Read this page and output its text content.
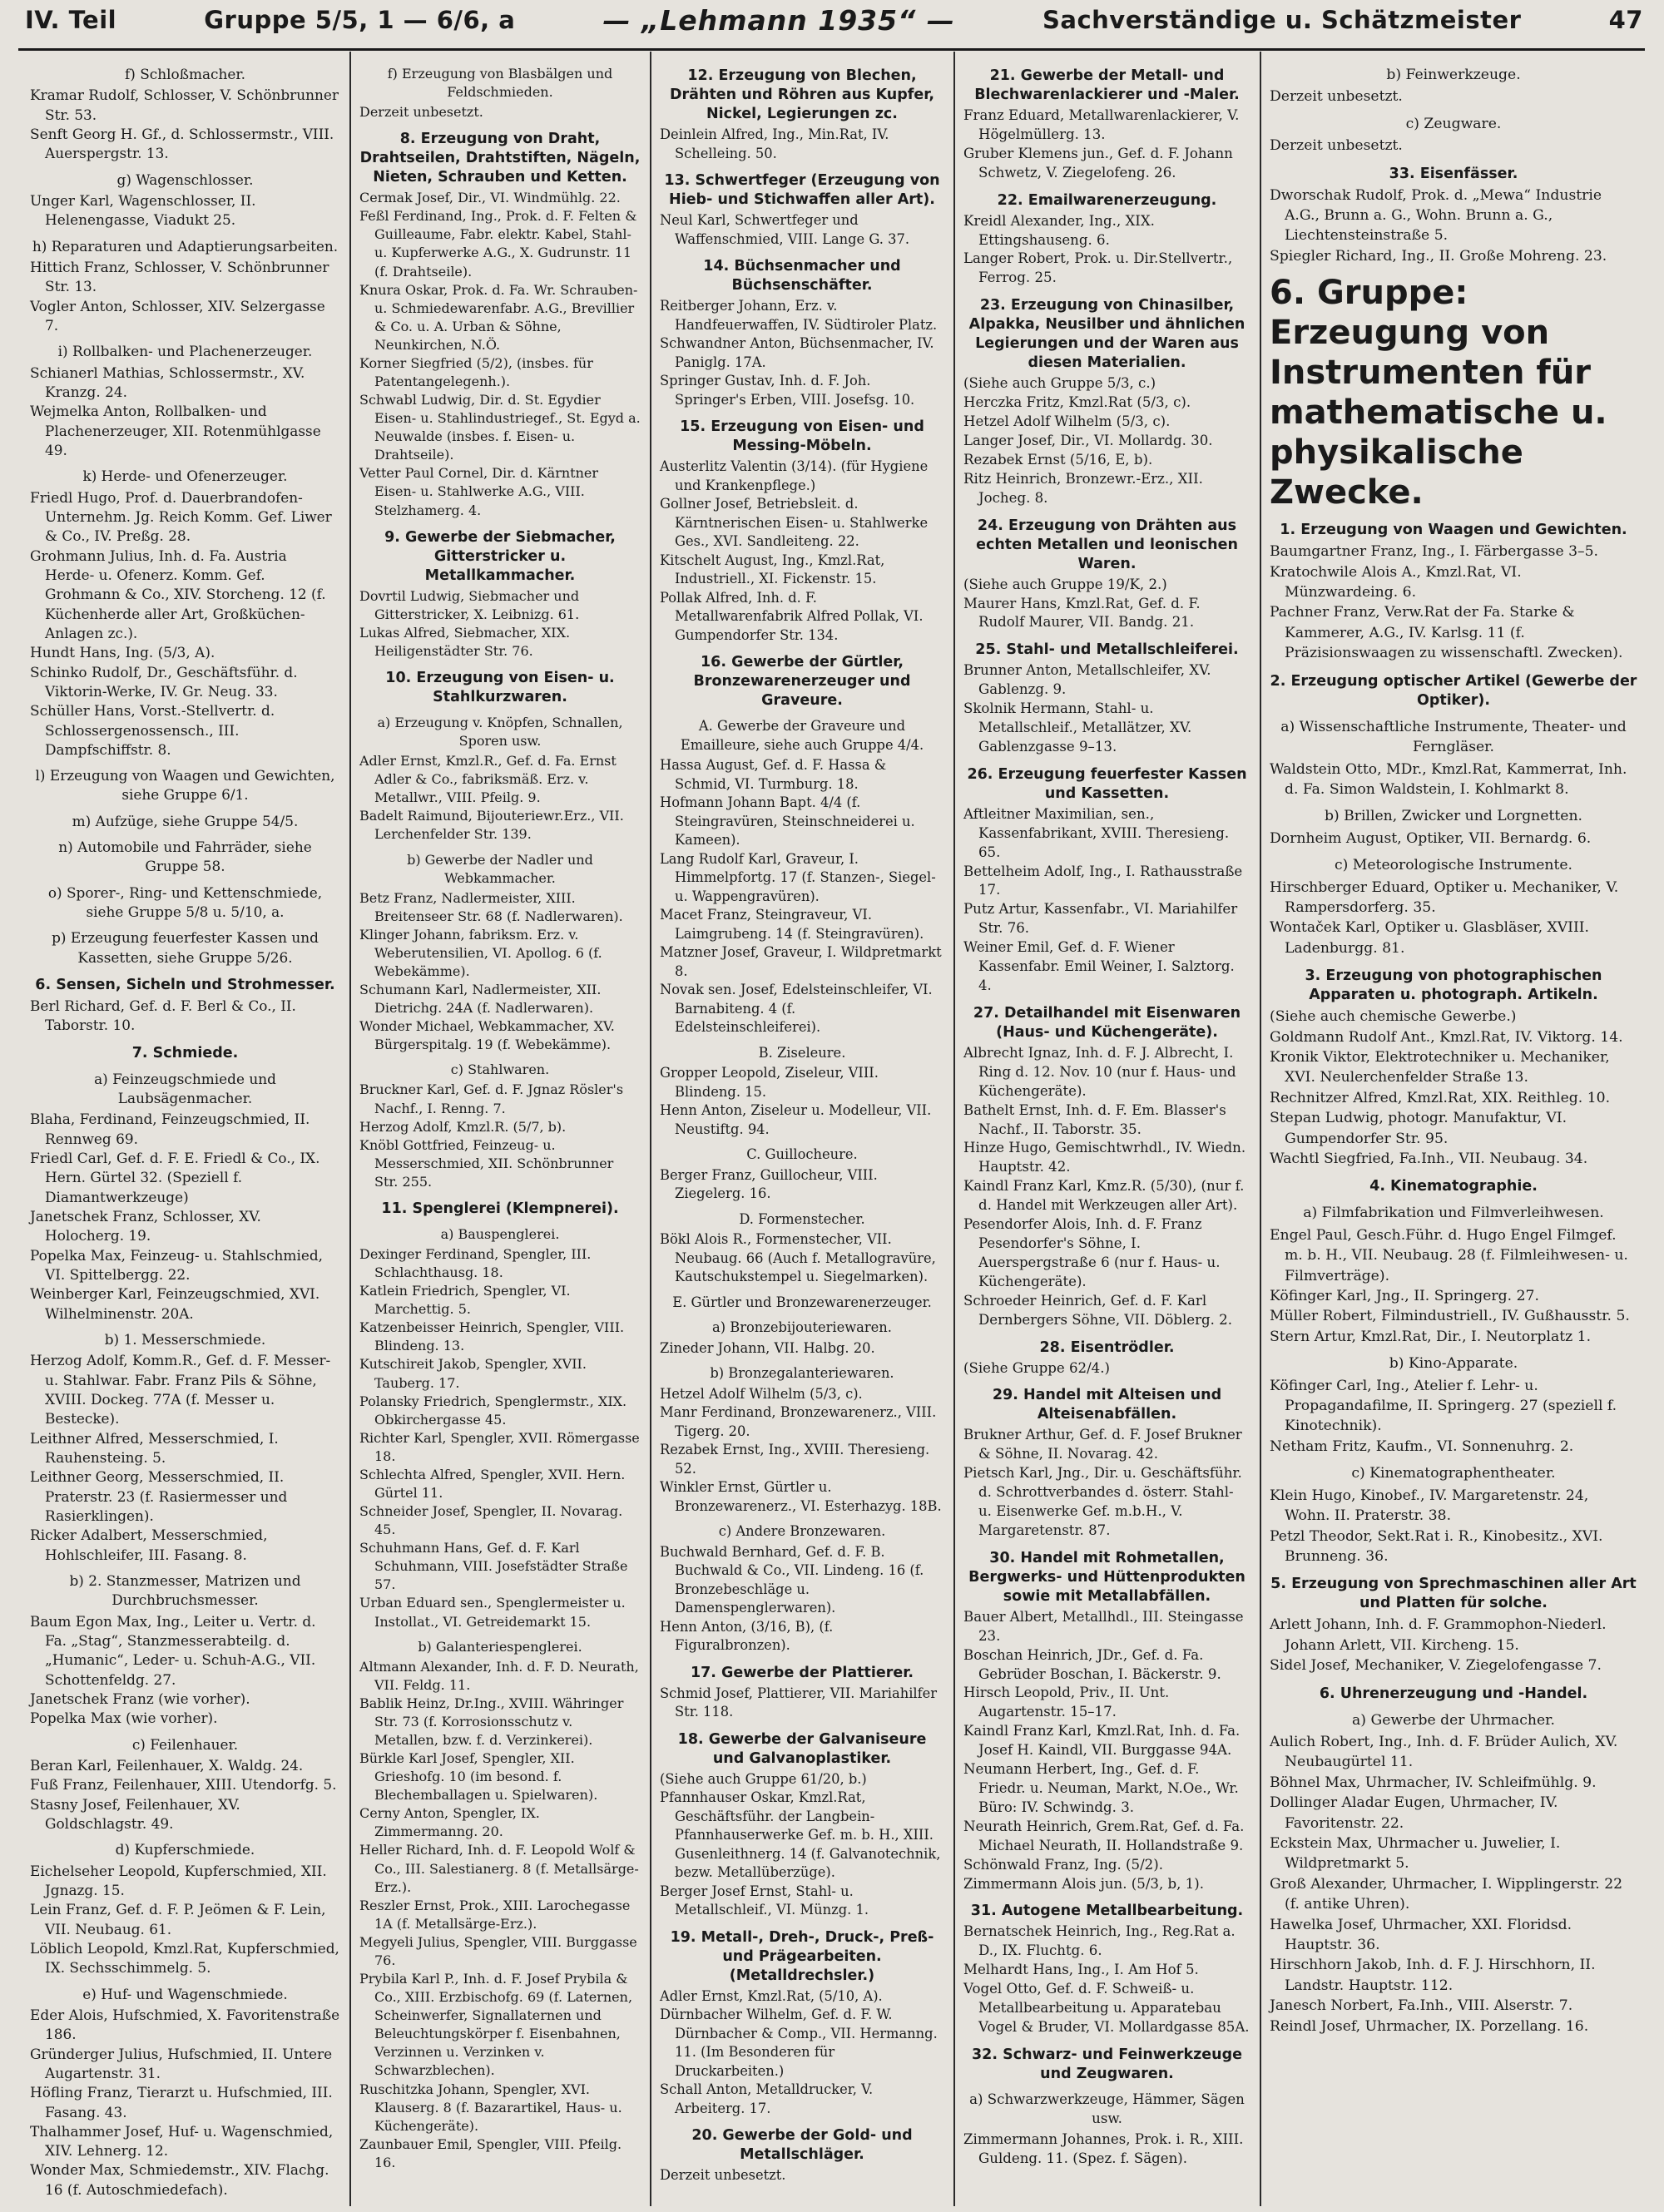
IV. Teil	Gruppe 5/5, 1 — 6/6, a	— „Lehmann 1935“ —	Sachverständige u. Schätzmeister	47

f) Schloßmacher.

Kramar Rudolf, Schlosser, V. Schönbrunner Str. 53.

Senft Georg H. Gf., d. Schlossermstr., VIII. Auerspergstr. 13.

g) Wagenschlosser.

Unger Karl, Wagenschlosser, II. Helenengasse, Viadukt 25.

h) Reparaturen und Adaptierungsarbeiten.

Hittich Franz, Schlosser, V. Schönbrunner Str. 13.

Vogler Anton, Schlosser, XIV. Selzergasse 7.

i) Rollbalken- und Plachenerzeuger.

Schianerl Mathias, Schlossermstr., XV. Kranzg. 24.

Wejmelka Anton, Rollbalken- und Plachenerzeuger, XII. Rotenmühlgasse 49.

k) Herde- und Ofenerzeuger.

Friedl Hugo, Prof. d. Dauerbrandofen-Unternehm. Jg. Reich Komm. Gef. Liwer & Co., IV. Preßg. 28.

Grohmann Julius, Inh. d. Fa. Austria Herde- u. Ofenerz. Komm. Gef. Grohmann & Co., XIV. Storcheng. 12 (f. Küchenherde aller Art, Großküchen-Anlagen zc.).

Hundt Hans, Ing. (5/3, A).

Schinko Rudolf, Dr., Geschäftsführ. d. Viktorin-Werke, IV. Gr. Neug. 33.

Schüller Hans, Vorst.-Stellvertr. d. Schlossergenossensch., III. Dampfschiffstr. 8.

l) Erzeugung von Waagen und Gewichten, siehe Gruppe 6/1.

m) Aufzüge, siehe Gruppe 54/5.

n) Automobile und Fahrräder, siehe Gruppe 58.

o) Sporer-, Ring- und Kettenschmiede, siehe Gruppe 5/8 u. 5/10, a.

p) Erzeugung feuerfester Kassen und Kassetten, siehe Gruppe 5/26.

6. Sensen, Sicheln und Strohmesser.

Berl Richard, Gef. d. F. Berl & Co., II. Taborstr. 10.

7. Schmiede.

a) Feinzeugschmiede und Laubsägenmacher.

Blaha, Ferdinand, Feinzeugschmied, II. Rennweg 69.

Friedl Carl, Gef. d. F. E. Friedl & Co., IX. Hern. Gürtel 32. (Speziell f. Diamantwerkzeuge)

Janetschek Franz, Schlosser, XV. Holocherg. 19.

Popelka Max, Feinzeug- u. Stahlschmied, VI. Spittelbergg. 22.

Weinberger Karl, Feinzeugschmied, XVI. Wilhelminenstr. 20A.

b) 1. Messerschmiede.

Herzog Adolf, Komm.R., Gef. d. F. Messer- u. Stahlwar. Fabr. Franz Pils & Söhne, XVIII. Dockeg. 77A (f. Messer u. Bestecke).

Leithner Alfred, Messerschmied, I. Rauhensteing. 5.

Leithner Georg, Messerschmied, II. Praterstr. 23 (f. Rasiermesser und Rasierklingen).

Ricker Adalbert, Messerschmied, Hohlschleifer, III. Fasang. 8.

b) 2. Stanzmesser, Matrizen und Durchbruchsmesser.

Baum Egon Max, Ing., Leiter u. Vertr. d. Fa. „Stag“, Stanzmesserabteilg. d. „Humanic“, Leder- u. Schuh-A.G., VII. Schottenfeldg. 27.

Janetschek Franz (wie vorher).

Popelka Max (wie vorher).

c) Feilenhauer.

Beran Karl, Feilenhauer, X. Waldg. 24.

Fuß Franz, Feilenhauer, XIII. Utendorfg. 5.

Stasny Josef, Feilenhauer, XV. Goldschlagstr. 49.

d) Kupferschmiede.

Eichelseher Leopold, Kupferschmied, XII. Jgnazg. 15.

Lein Franz, Gef. d. F. P. Jeömen & F. Lein, VII. Neubaug. 61.

Löblich Leopold, Kmzl.Rat, Kupferschmied, IX. Sechsschimmelg. 5.

e) Huf- und Wagenschmiede.

Eder Alois, Hufschmied, X. Favoritenstraße 186.

Gründerger Julius, Hufschmied, II. Untere Augartenstr. 31.

Höfling Franz, Tierarzt u. Hufschmied, III. Fasang. 43.

Thalhammer Josef, Huf- u. Wagenschmied, XIV. Lehnerg. 12.

Wonder Max, Schmiedemstr., XIV. Flachg. 16 (f. Autoschmiedefach).

f) Erzeugung von Blasbälgen und Feldschmieden.

Derzeit unbesetzt.

8. Erzeugung von Draht, Drahtseilen, Drahtstiften, Nägeln, Nieten, Schrauben und Ketten.

Cermak Josef, Dir., VI. Windmühlg. 22.

Feßl Ferdinand, Ing., Prok. d. F. Felten & Guilleaume, Fabr. elektr. Kabel, Stahl- u. Kupferwerke A.G., X. Gudrunstr. 11 (f. Drahtseile).

Knura Oskar, Prok. d. Fa. Wr. Schrauben- u. Schmiedewarenfabr. A.G., Brevillier & Co. u. A. Urban & Söhne, Neunkirchen, N.Ö.

Korner Siegfried (5/2), (insbes. für Patentangelegenh.).

Schwabl Ludwig, Dir. d. St. Egydier Eisen- u. Stahlindustriegef., St. Egyd a. Neuwalde (insbes. f. Eisen- u. Drahtseile).

Vetter Paul Cornel, Dir. d. Kärntner Eisen- u. Stahlwerke A.G., VIII. Stelzhamerg. 4.

9. Gewerbe der Siebmacher, Gitterstricker u. Metallkammacher.

Dovrtil Ludwig, Siebmacher und Gitterstricker, X. Leibnizg. 61.

Lukas Alfred, Siebmacher, XIX. Heiligenstädter Str. 76.

10. Erzeugung von Eisen- u. Stahlkurzwaren.

a) Erzeugung v. Knöpfen, Schnallen, Sporen usw.

Adler Ernst, Kmzl.R., Gef. d. Fa. Ernst Adler & Co., fabriksmäß. Erz. v. Metallwr., VIII. Pfeilg. 9.

Badelt Raimund, Bijouteriewr.Erz., VII. Lerchenfelder Str. 139.

b) Gewerbe der Nadler und Webkammacher.

Betz Franz, Nadlermeister, XIII. Breitenseer Str. 68 (f. Nadlerwaren).

Klinger Johann, fabriksm. Erz. v. Weberutensilien, VI. Apollog. 6 (f. Webekämme).

Schumann Karl, Nadlermeister, XII. Dietrichg. 24A (f. Nadlerwaren).

Wonder Michael, Webkammacher, XV. Bürgerspitalg. 19 (f. Webekämme).

c) Stahlwaren.

Bruckner Karl, Gef. d. F. Jgnaz Rösler's Nachf., I. Renng. 7.

Herzog Adolf, Kmzl.R. (5/7, b).

Knöbl Gottfried, Feinzeug- u. Messerschmied, XII. Schönbrunner Str. 255.

11. Spenglerei (Klempnerei).

a) Bauspenglerei.

Dexinger Ferdinand, Spengler, III. Schlachthausg. 18.

Katlein Friedrich, Spengler, VI. Marchettig. 5.

Katzenbeisser Heinrich, Spengler, VIII. Blindeng. 13.

Kutschireit Jakob, Spengler, XVII. Tauberg. 17.

Polansky Friedrich, Spenglermstr., XIX. Obkirchergasse 45.

Richter Karl, Spengler, XVII. Römergasse 18.

Schlechta Alfred, Spengler, XVII. Hern. Gürtel 11.

Schneider Josef, Spengler, II. Novarag. 45.

Schuhmann Hans, Gef. d. F. Karl Schuhmann, VIII. Josefstädter Straße 57.

Urban Eduard sen., Spenglermeister u. Instollat., VI. Getreidemarkt 15.

b) Galanteriespenglerei.

Altmann Alexander, Inh. d. F. D. Neurath, VII. Feldg. 11.

Bablik Heinz, Dr.Ing., XVIII. Währinger Str. 73 (f. Korrosionsschutz v. Metallen, bzw. f. d. Verzinkerei).

Bürkle Karl Josef, Spengler, XII. Grieshofg. 10 (im besond. f. Blechemballagen u. Spielwaren).

Cerny Anton, Spengler, IX. Zimmermanng. 20.

Heller Richard, Inh. d. F. Leopold Wolf & Co., III. Salestianerg. 8 (f. Metallsärge-Erz.).

Reszler Ernst, Prok., XIII. Larochegasse 1A (f. Metallsärge-Erz.).

Megyeli Julius, Spengler, VIII. Burggasse 76.

Prybila Karl P., Inh. d. F. Josef Prybila & Co., XIII. Erzbischofg. 69 (f. Laternen, Scheinwerfer, Signallaternen und Beleuchtungskörper f. Eisenbahnen, Verzinnen u. Verzinken v. Schwarzblechen).

Ruschitzka Johann, Spengler, XVI. Klauserg. 8 (f. Bazarartikel, Haus- u. Küchengeräte).

Zaunbauer Emil, Spengler, VIII. Pfeilg. 16.

12. Erzeugung von Blechen, Drähten und Röhren aus Kupfer, Nickel, Legierungen zc.

Deinlein Alfred, Ing., Min.Rat, IV. Schelleing. 50.

13. Schwertfeger (Erzeugung von Hieb- und Stichwaffen aller Art).

Neul Karl, Schwertfeger und Waffenschmied, VIII. Lange G. 37.

14. Büchsenmacher und Büchsenschäfter.

Reitberger Johann, Erz. v. Handfeuerwaffen, IV. Südtiroler Platz.

Schwandner Anton, Büchsenmacher, IV. Paniglg. 17A.

Springer Gustav, Inh. d. F. Joh. Springer's Erben, VIII. Josefsg. 10.

15. Erzeugung von Eisen- und Messing-Möbeln.

Austerlitz Valentin (3/14). (für Hygiene und Krankenpflege.)

Gollner Josef, Betriebsleit. d. Kärntnerischen Eisen- u. Stahlwerke Ges., XVI. Sandleiteng. 22.

Kitschelt August, Ing., Kmzl.Rat, Industriell., XI. Fickenstr. 15.

Pollak Alfred, Inh. d. F. Metallwarenfabrik Alfred Pollak, VI. Gumpendorfer Str. 134.

16. Gewerbe der Gürtler, Bronzewarenerzeuger und Graveure.

A. Gewerbe der Graveure und Emailleure, siehe auch Gruppe 4/4.

Hassa August, Gef. d. F. Hassa & Schmid, VI. Turmburg. 18.

Hofmann Johann Bapt. 4/4 (f. Steingravüren, Steinschneiderei u. Kameen).

Lang Rudolf Karl, Graveur, I. Himmelpfortg. 17 (f. Stanzen-, Siegel- u. Wappengravüren).

Macet Franz, Steingraveur, VI. Laimgrubeng. 14 (f. Steingravüren).

Matzner Josef, Graveur, I. Wildpretmarkt 8.

Novak sen. Josef, Edelsteinschleifer, VI. Barnabiteng. 4 (f. Edelsteinschleiferei).

B. Ziseleure.

Gropper Leopold, Ziseleur, VIII. Blindeng. 15.

Henn Anton, Ziseleur u. Modelleur, VII. Neustiftg. 94.

C. Guillocheure.

Berger Franz, Guillocheur, VIII. Ziegelerg. 16.

D. Formenstecher.

Bökl Alois R., Formenstecher, VII. Neubaug. 66 (Auch f. Metallogravüre, Kautschukstempel u. Siegelmarken).

E. Gürtler und Bronzewarenerzeuger.

a) Bronzebijouteriewaren.

Zineder Johann, VII. Halbg. 20.

b) Bronzegalanteriewaren.

Hetzel Adolf Wilhelm (5/3, c).

Manr Ferdinand, Bronzewarenerz., VIII. Tigerg. 20.

Rezabek Ernst, Ing., XVIII. Theresieng. 52.

Winkler Ernst, Gürtler u. Bronzewarenerz., VI. Esterhazyg. 18B.

c) Andere Bronzewaren.

Buchwald Bernhard, Gef. d. F. B. Buchwald & Co., VII. Lindeng. 16 (f. Bronzebeschläge u. Damenspenglerwaren).

Henn Anton, (3/16, B), (f. Figuralbronzen).

17. Gewerbe der Plattierer.

Schmid Josef, Plattierer, VII. Mariahilfer Str. 118.

18. Gewerbe der Galvaniseure und Galvanoplastiker.

(Siehe auch Gruppe 61/20, b.)

Pfannhauser Oskar, Kmzl.Rat, Geschäftsführ. der Langbein-Pfannhauserwerke Gef. m. b. H., XIII. Gusenleithnerg. 14 (f. Galvanotechnik, bezw. Metallüberzüge).

Berger Josef Ernst, Stahl- u. Metallschleif., VI. Münzg. 1.

19. Metall-, Dreh-, Druck-, Preß- und Prägearbeiten. (Metalldrechsler.)

Adler Ernst, Kmzl.Rat, (5/10, A).

Dürnbacher Wilhelm, Gef. d. F. W. Dürnbacher & Comp., VII. Hermanng. 11. (Im Besonderen für Druckarbeiten.)

Schall Anton, Metalldrucker, V. Arbeiterg. 17.

20. Gewerbe der Gold- und Metallschläger.

Derzeit unbesetzt.

21. Gewerbe der Metall- und Blechwarenlackierer und -Maler.

Franz Eduard, Metallwarenlackierer, V. Högelmüllerg. 13.

Gruber Klemens jun., Gef. d. F. Johann Schwetz, V. Ziegelofeng. 26.

22. Emailwarenerzeugung.

Kreidl Alexander, Ing., XIX. Ettingshauseng. 6.

Langer Robert, Prok. u. Dir.Stellvertr., Ferrog. 25.

23. Erzeugung von Chinasilber, Alpakka, Neusilber und ähnlichen Legierungen und der Waren aus diesen Materialien.

(Siehe auch Gruppe 5/3, c.)

Herczka Fritz, Kmzl.Rat (5/3, c).

Hetzel Adolf Wilhelm (5/3, c).

Langer Josef, Dir., VI. Mollardg. 30.

Rezabek Ernst (5/16, E, b).

Ritz Heinrich, Bronzewr.-Erz., XII. Jocheg. 8.

24. Erzeugung von Drähten aus echten Metallen und leonischen Waren.

(Siehe auch Gruppe 19/K, 2.)

Maurer Hans, Kmzl.Rat, Gef. d. F. Rudolf Maurer, VII. Bandg. 21.

25. Stahl- und Metallschleiferei.

Brunner Anton, Metallschleifer, XV. Gablenzg. 9.

Skolnik Hermann, Stahl- u. Metallschleif., Metallätzer, XV. Gablenzgasse 9–13.

26. Erzeugung feuerfester Kassen und Kassetten.

Aftleitner Maximilian, sen., Kassenfabrikant, XVIII. Theresieng. 65.

Bettelheim Adolf, Ing., I. Rathausstraße 17.

Putz Artur, Kassenfabr., VI. Mariahilfer Str. 76.

Weiner Emil, Gef. d. F. Wiener Kassenfabr. Emil Weiner, I. Salztorg. 4.

27. Detailhandel mit Eisenwaren (Haus- und Küchengeräte).

Albrecht Ignaz, Inh. d. F. J. Albrecht, I. Ring d. 12. Nov. 10 (nur f. Haus- und Küchengeräte).

Bathelt Ernst, Inh. d. F. Em. Blasser's Nachf., II. Taborstr. 35.

Hinze Hugo, Gemischtwrhdl., IV. Wiedn. Hauptstr. 42.

Kaindl Franz Karl, Kmz.R. (5/30), (nur f. d. Handel mit Werkzeugen aller Art).

Pesendorfer Alois, Inh. d. F. Franz Pesendorfer's Söhne, I. Auerspergstraße 6 (nur f. Haus- u. Küchengeräte).

Schroeder Heinrich, Gef. d. F. Karl Dernbergers Söhne, VII. Döblerg. 2.

28. Eisentrödler.

(Siehe Gruppe 62/4.)

29. Handel mit Alteisen und Alteisenabfällen.

Brukner Arthur, Gef. d. F. Josef Brukner & Söhne, II. Novarag. 42.

Pietsch Karl, Jng., Dir. u. Geschäftsführ. d. Schrottverbandes d. österr. Stahl- u. Eisenwerke Gef. m.b.H., V. Margaretenstr. 87.

30. Handel mit Rohmetallen, Bergwerks- und Hüttenprodukten sowie mit Metallabfällen.

Bauer Albert, Metallhdl., III. Steingasse 23.

Boschan Heinrich, JDr., Gef. d. Fa. Gebrüder Boschan, I. Bäckerstr. 9.

Hirsch Leopold, Priv., II. Unt. Augartenstr. 15–17.

Kaindl Franz Karl, Kmzl.Rat, Inh. d. Fa. Josef H. Kaindl, VII. Burggasse 94A.

Neumann Herbert, Ing., Gef. d. F. Friedr. u. Neuman, Markt, N.Oe., Wr. Büro: IV. Schwindg. 3.

Neurath Heinrich, Grem.Rat, Gef. d. Fa. Michael Neurath, II. Hollandstraße 9.

Schönwald Franz, Ing. (5/2).

Zimmermann Alois jun. (5/3, b, 1).

31. Autogene Metallbearbeitung.

Bernatschek Heinrich, Ing., Reg.Rat a. D., IX. Fluchtg. 6.

Melhardt Hans, Ing., I. Am Hof 5.

Vogel Otto, Gef. d. F. Schweiß- u. Metallbearbeitung u. Apparatebau Vogel & Bruder, VI. Mollardgasse 85A.

32. Schwarz- und Feinwerkzeuge und Zeugwaren.

a) Schwarzwerkzeuge, Hämmer, Sägen usw.

Zimmermann Johannes, Prok. i. R., XIII. Guldeng. 11. (Spez. f. Sägen).

b) Feinwerkzeuge.

Derzeit unbesetzt.

c) Zeugware.

Derzeit unbesetzt.

33. Eisenfässer.

Dworschak Rudolf, Prok. d. „Mewa“ Industrie A.G., Brunn a. G., Wohn. Brunn a. G., Liechtensteinstraße 5.

Spiegler Richard, Ing., II. Große Mohreng. 23.

6. Gruppe: Erzeugung von Instrumenten für mathematische u. physikalische Zwecke.

1. Erzeugung von Waagen und Gewichten.

Baumgartner Franz, Ing., I. Färbergasse 3–5.

Kratochwile Alois A., Kmzl.Rat, VI. Münzwardeing. 6.

Pachner Franz, Verw.Rat der Fa. Starke & Kammerer, A.G., IV. Karlsg. 11 (f. Präzisionswaagen zu wissenschaftl. Zwecken).

2. Erzeugung optischer Artikel (Gewerbe der Optiker).

a) Wissenschaftliche Instrumente, Theater- und Ferngläser.

Waldstein Otto, MDr., Kmzl.Rat, Kammerrat, Inh. d. Fa. Simon Waldstein, I. Kohlmarkt 8.

b) Brillen, Zwicker und Lorgnetten.

Dornheim August, Optiker, VII. Bernardg. 6.

c) Meteorologische Instrumente.

Hirschberger Eduard, Optiker u. Mechaniker, V. Rampersdorferg. 35.

Wontaček Karl, Optiker u. Glasbläser, XVIII. Ladenburgg. 81.

3. Erzeugung von photographischen Apparaten u. photograph. Artikeln.

(Siehe auch chemische Gewerbe.)

Goldmann Rudolf Ant., Kmzl.Rat, IV. Viktorg. 14.

Kronik Viktor, Elektrotechniker u. Mechaniker, XVI. Neulerchenfelder Straße 13.

Rechnitzer Alfred, Kmzl.Rat, XIX. Reithleg. 10.

Stepan Ludwig, photogr. Manufaktur, VI. Gumpendorfer Str. 95.

Wachtl Siegfried, Fa.Inh., VII. Neubaug. 34.

4. Kinematographie.

a) Filmfabrikation und Filmverleihwesen.

Engel Paul, Gesch.Führ. d. Hugo Engel Filmgef. m. b. H., VII. Neubaug. 28 (f. Filmleihwesen- u. Filmverträge).

Köfinger Karl, Jng., II. Springerg. 27.

Müller Robert, Filmindustriell., IV. Gußhausstr. 5.

Stern Artur, Kmzl.Rat, Dir., I. Neutorplatz 1.

b) Kino-Apparate.

Köfinger Carl, Ing., Atelier f. Lehr- u. Propagandafilme, II. Springerg. 27 (speziell f. Kinotechnik).

Netham Fritz, Kaufm., VI. Sonnenuhrg. 2.

c) Kinematographentheater.

Klein Hugo, Kinobef., IV. Margaretenstr. 24, Wohn. II. Praterstr. 38.

Petzl Theodor, Sekt.Rat i. R., Kinobesitz., XVI. Brunneng. 36.

5. Erzeugung von Sprechmaschinen aller Art und Platten für solche.

Arlett Johann, Inh. d. F. Grammophon-Niederl. Johann Arlett, VII. Kircheng. 15.

Sidel Josef, Mechaniker, V. Ziegelofengasse 7.

6. Uhrenerzeugung und -Handel.

a) Gewerbe der Uhrmacher.

Aulich Robert, Ing., Inh. d. F. Brüder Aulich, XV. Neubaugürtel 11.

Böhnel Max, Uhrmacher, IV. Schleifmühlg. 9.

Dollinger Aladar Eugen, Uhrmacher, IV. Favoritenstr. 22.

Eckstein Max, Uhrmacher u. Juwelier, I. Wildpretmarkt 5.

Groß Alexander, Uhrmacher, I. Wipplingerstr. 22 (f. antike Uhren).

Hawelka Josef, Uhrmacher, XXI. Floridsd. Hauptstr. 36.

Hirschhorn Jakob, Inh. d. F. J. Hirschhorn, II. Landstr. Hauptstr. 112.

Janesch Norbert, Fa.Inh., VIII. Alserstr. 7.

Reindl Josef, Uhrmacher, IX. Porzellang. 16.
